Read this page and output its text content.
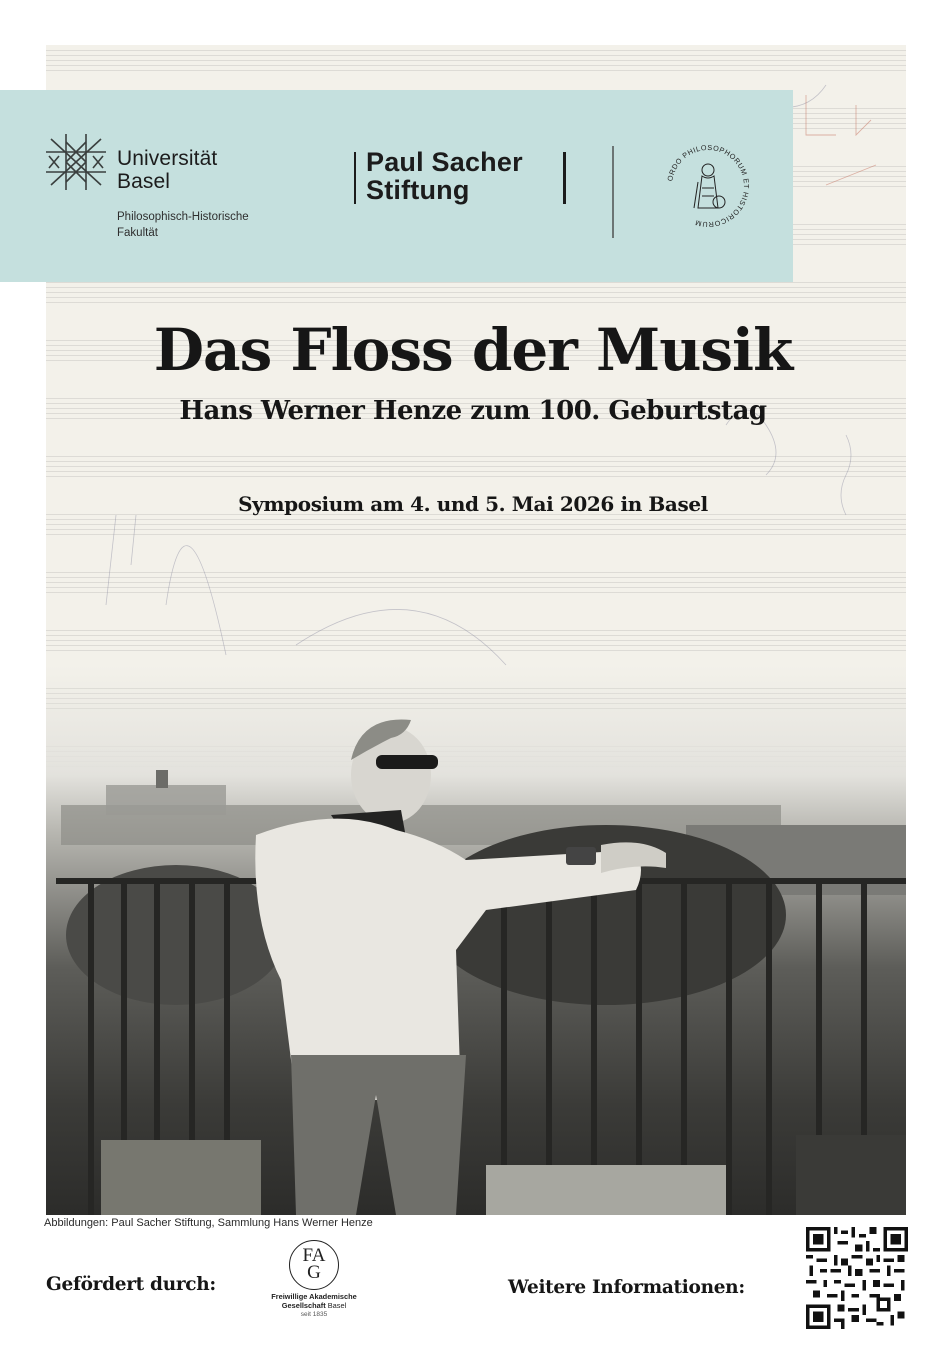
Universität
Basel
Philosophisch-Historische
Fakultät
Paul Sacher
Stiftung	ORDO PHILOSOPHORUM ET HISTORICORUM
Das Floss der Musik
Hans Werner Henze zum 100. Geburtstag
Symposium am 4. und 5. Mai 2026 in Basel
Abbildungen: Paul Sacher Stiftung, Sammlung Hans Werner Henze
Gefördert durch:
FA
G
Freiwillige Akademische
Gesellschaft Basel
seit 1835
Weitere Informationen:
